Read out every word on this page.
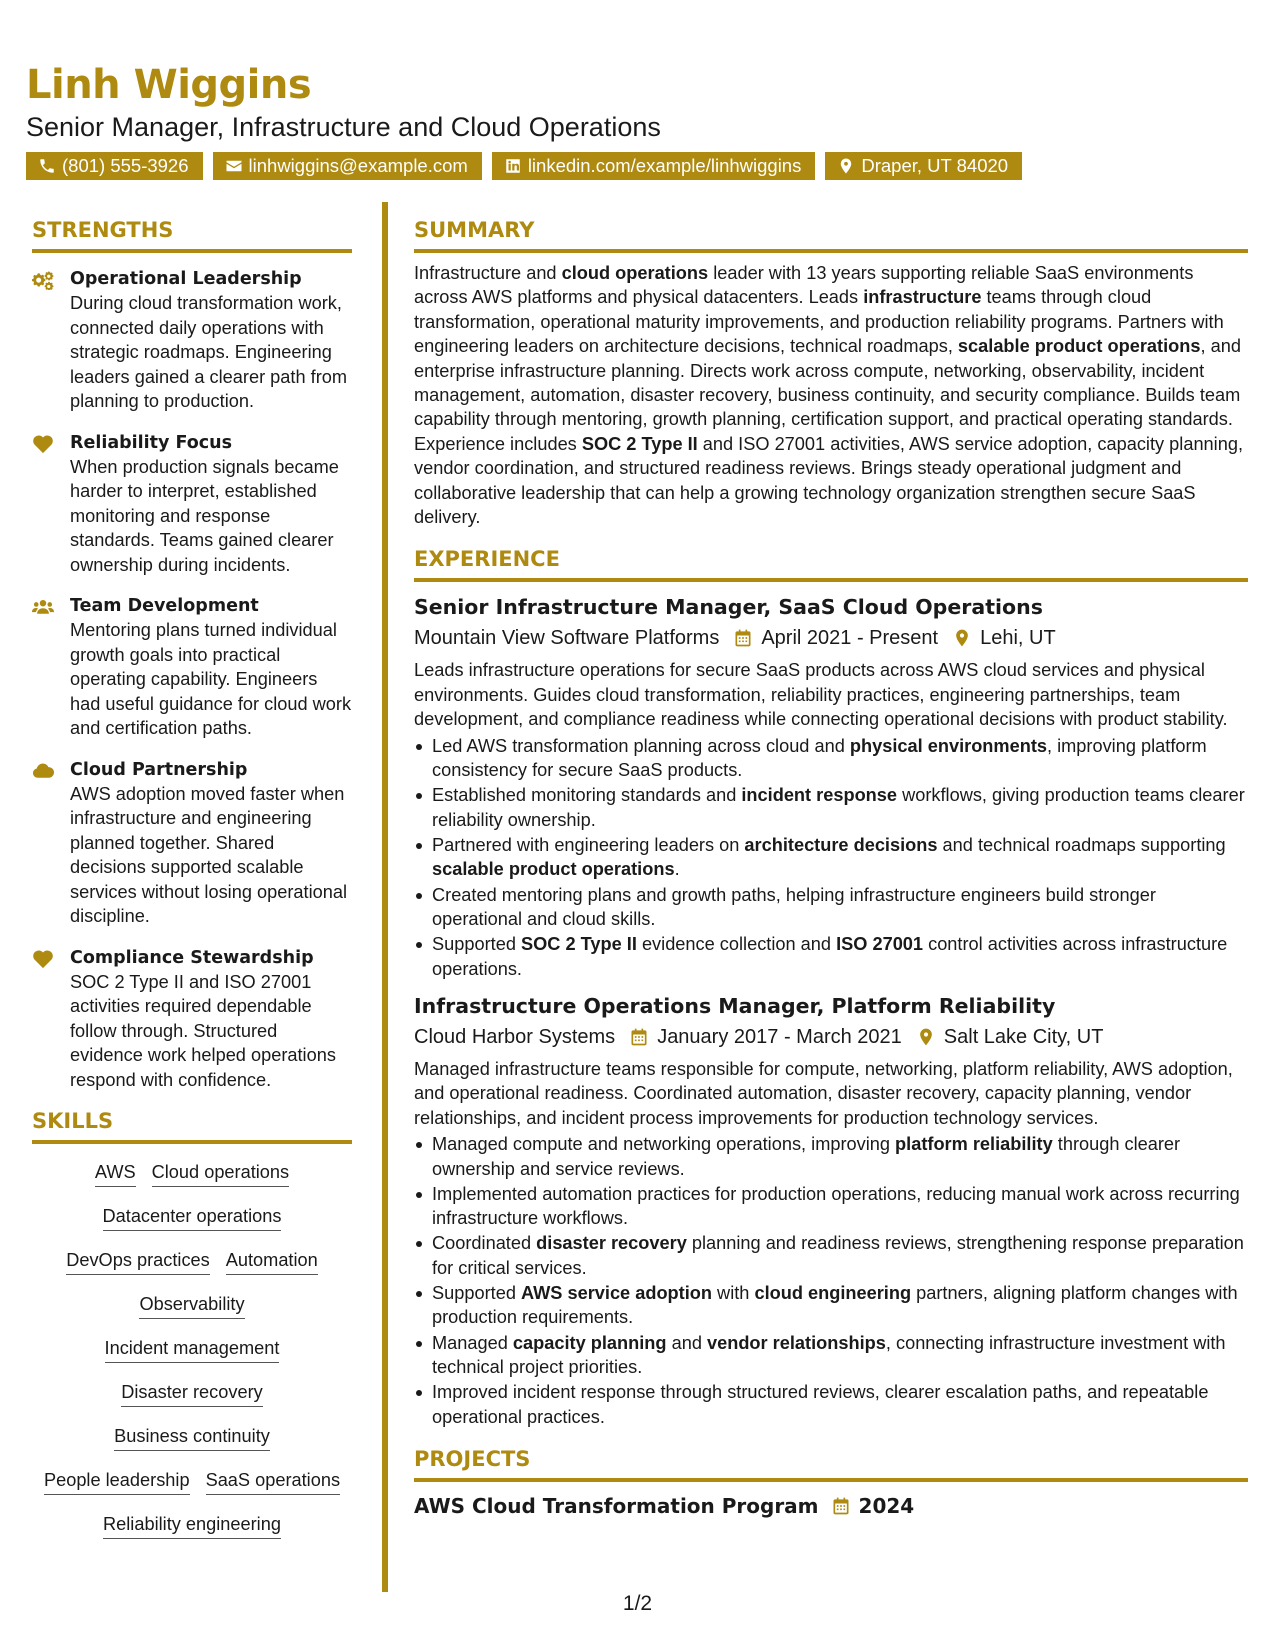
Linh Wiggins
Senior Manager, Infrastructure and Cloud Operations
(801) 555-3926	linhwiggins@example.com	linkedin.com/example/linhwiggins	Draper, UT 84020
STRENGTHS
Operational Leadership
During cloud transformation work, connected daily operations with strategic roadmaps. Engineering leaders gained a clearer path from planning to production.
Reliability Focus
When production signals became harder to interpret, established monitoring and response standards. Teams gained clearer ownership during incidents.
Team Development
Mentoring plans turned individual growth goals into practical operating capability. Engineers had useful guidance for cloud work and certification paths.
Cloud Partnership
AWS adoption moved faster when infrastructure and engineering planned together. Shared decisions supported scalable services without losing operational discipline.
Compliance Stewardship
SOC 2 Type II and ISO 27001 activities required dependable follow through. Structured evidence work helped operations respond with confidence.
SKILLS
AWS Cloud operations
Datacenter operations
DevOps practices Automation
Observability
Incident management
Disaster recovery
Business continuity
People leadership SaaS operations
Reliability engineering
SUMMARY
Infrastructure and cloud operations leader with 13 years supporting reliable SaaS environments across AWS platforms and physical datacenters. Leads infrastructure teams through cloud transformation, operational maturity improvements, and production reliability programs. Partners with engineering leaders on architecture decisions, technical roadmaps, scalable product operations, and enterprise infrastructure planning. Directs work across compute, networking, observability, incident management, automation, disaster recovery, business continuity, and security compliance. Builds team capability through mentoring, growth planning, certification support, and practical operating standards. Experience includes SOC 2 Type II and ISO 27001 activities, AWS service adoption, capacity planning, vendor coordination, and structured readiness reviews. Brings steady operational judgment and collaborative leadership that can help a growing technology organization strengthen secure SaaS delivery.
EXPERIENCE
Senior Infrastructure Manager, SaaS Cloud Operations
Mountain View Software Platforms April 2021 - Present Lehi, UT
Leads infrastructure operations for secure SaaS products across AWS cloud services and physical environments. Guides cloud transformation, reliability practices, engineering partnerships, team development, and compliance readiness while connecting operational decisions with product stability.
Led AWS transformation planning across cloud and physical environments, improving platform consistency for secure SaaS products.
Established monitoring standards and incident response workflows, giving production teams clearer reliability ownership.
Partnered with engineering leaders on architecture decisions and technical roadmaps supporting scalable product operations.
Created mentoring plans and growth paths, helping infrastructure engineers build stronger operational and cloud skills.
Supported SOC 2 Type II evidence collection and ISO 27001 control activities across infrastructure operations.
Infrastructure Operations Manager, Platform Reliability
Cloud Harbor Systems January 2017 - March 2021 Salt Lake City, UT
Managed infrastructure teams responsible for compute, networking, platform reliability, AWS adoption, and operational readiness. Coordinated automation, disaster recovery, capacity planning, vendor relationships, and incident process improvements for production technology services.
Managed compute and networking operations, improving platform reliability through clearer ownership and service reviews.
Implemented automation practices for production operations, reducing manual work across recurring infrastructure workflows.
Coordinated disaster recovery planning and readiness reviews, strengthening response preparation for critical services.
Supported AWS service adoption with cloud engineering partners, aligning platform changes with production requirements.
Managed capacity planning and vendor relationships, connecting infrastructure investment with technical project priorities.
Improved incident response through structured reviews, clearer escalation paths, and repeatable operational practices.
PROJECTS
AWS Cloud Transformation Program 2024
1/2
